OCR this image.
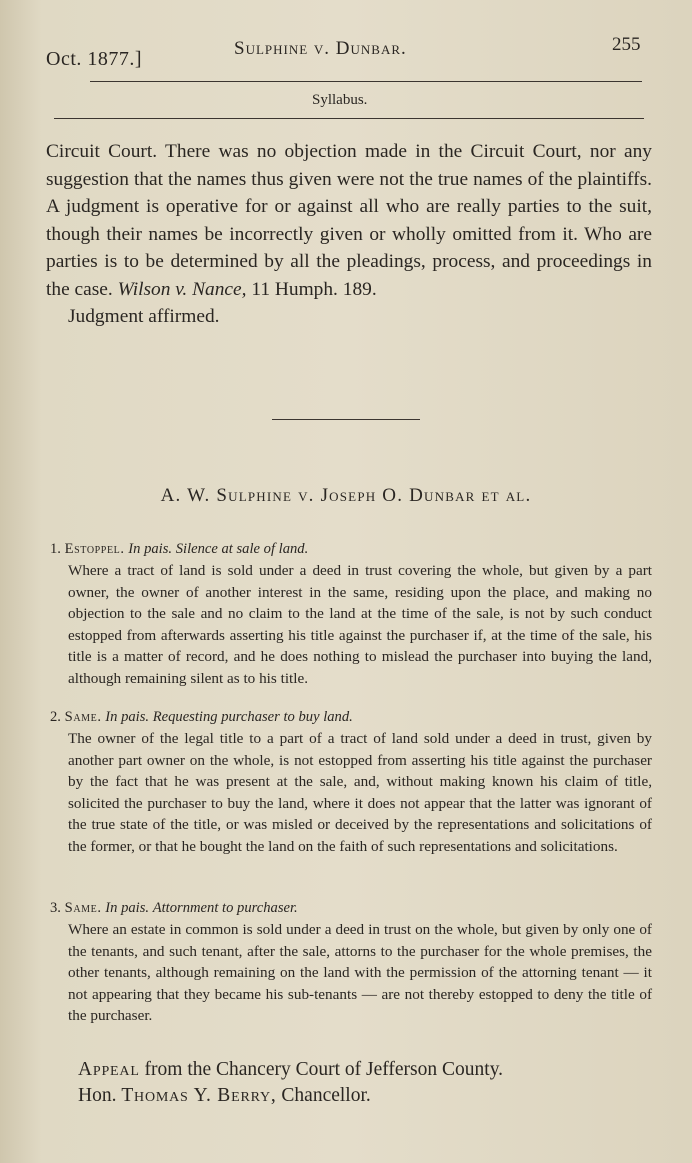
Oct. 1877.]	Sulphine v. Dunbar.	255
Syllabus.
Circuit Court. There was no objection made in the Circuit Court, nor any suggestion that the names thus given were not the true names of the plaintiffs. A judgment is operative for or against all who are really parties to the suit, though their names be incorrectly given or wholly omitted from it. Who are parties is to be determined by all the pleadings, process, and proceedings in the case. Wilson v. Nance, 11 Humph. 189.
Judgment affirmed.
A. W. Sulphine v. Joseph O. Dunbar et al.
1. Estoppel. In pais. Silence at sale of land.
Where a tract of land is sold under a deed in trust covering the whole, but given by a part owner, the owner of another interest in the same, residing upon the place, and making no objection to the sale and no claim to the land at the time of the sale, is not by such conduct estopped from afterwards asserting his title against the purchaser if, at the time of the sale, his title is a matter of record, and he does nothing to mislead the purchaser into buying the land, although remaining silent as to his title.
2. Same. In pais. Requesting purchaser to buy land.
The owner of the legal title to a part of a tract of land sold under a deed in trust, given by another part owner on the whole, is not estopped from asserting his title against the purchaser by the fact that he was present at the sale, and, without making known his claim of title, solicited the purchaser to buy the land, where it does not appear that the latter was ignorant of the true state of the title, or was misled or deceived by the representations and solicitations of the former, or that he bought the land on the faith of such representations and solicitations.
3. Same. In pais. Attornment to purchaser.
Where an estate in common is sold under a deed in trust on the whole, but given by only one of the tenants, and such tenant, after the sale, attorns to the purchaser for the whole premises, the other tenants, although remaining on the land with the permission of the attorning tenant — it not appearing that they became his sub-tenants — are not thereby estopped to deny the title of the purchaser.
Appeal from the Chancery Court of Jefferson County.
Hon. Thomas Y. Berry, Chancellor.
